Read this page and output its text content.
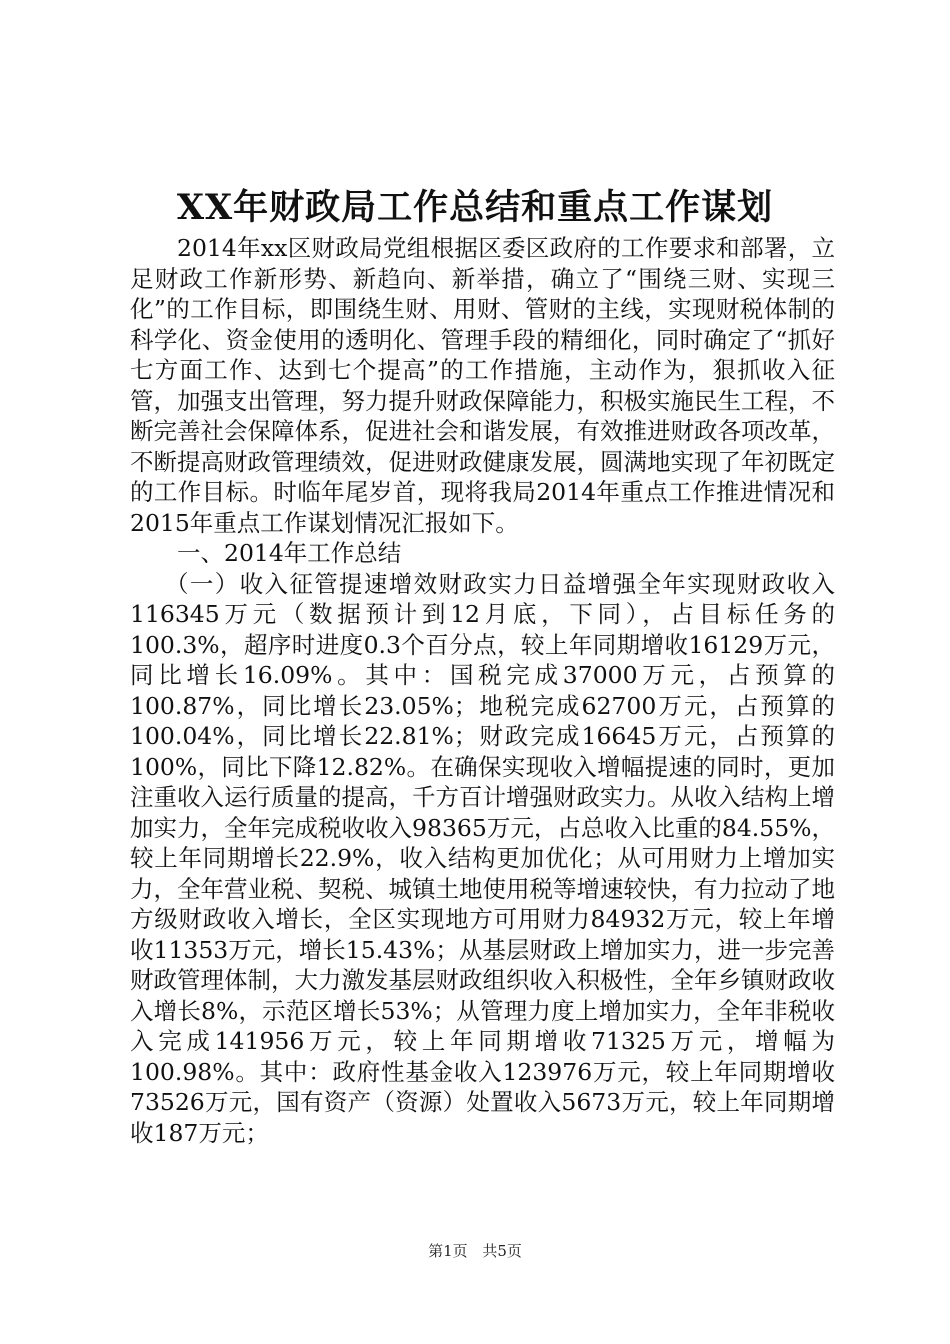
XX年财政局工作总结和重点工作谋划

2014年xx区财政局党组根据区委区政府的工作要求和部署，立足财政工作新形势、新趋向、新举措，确立了“围绕三财、实现三化”的工作目标，即围绕生财、用财、管财的主线，实现财税体制的科学化、资金使用的透明化、管理手段的精细化，同时确定了“抓好七方面工作、达到七个提高”的工作措施，主动作为，狠抓收入征管，加强支出管理，努力提升财政保障能力，积极实施民生工程，不断完善社会保障体系，促进社会和谐发展，有效推进财政各项改革，不断提高财政管理绩效，促进财政健康发展，圆满地实现了年初既定的工作目标。时临年尾岁首，现将我局2014年重点工作推进情况和2015年重点工作谋划情况汇报如下。

一、2014年工作总结

（一）收入征管提速增效财政实力日益增强全年实现财政收入116345万元（数据预计到12月底，下同），占目标任务的100.3%，超序时进度0.3个百分点，较上年同期增收16129万元，同比增长16.09%。其中：国税完成37000万元，占预算的100.87%，同比增长23.05%；地税完成62700万元，占预算的100.04%，同比增长22.81%；财政完成16645万元，占预算的100%，同比下降12.82%。在确保实现收入增幅提速的同时，更加注重收入运行质量的提高，千方百计增强财政实力。从收入结构上增加实力，全年完成税收收入98365万元，占总收入比重的84.55%，较上年同期增长22.9%，收入结构更加优化；从可用财力上增加实力，全年营业税、契税、城镇土地使用税等增速较快，有力拉动了地方级财政收入增长，全区实现地方可用财力84932万元，较上年增收11353万元，增长15.43%；从基层财政上增加实力，进一步完善财政管理体制，大力激发基层财政组织收入积极性，全年乡镇财政收入增长8%，示范区增长53%；从管理力度上增加实力，全年非税收入完成141956万元，较上年同期增收71325万元，增幅为100.98%。其中：政府性基金收入123976万元，较上年同期增收73526万元，国有资产（资源）处置收入5673万元，较上年同期增收187万元；

第1页 共5页
